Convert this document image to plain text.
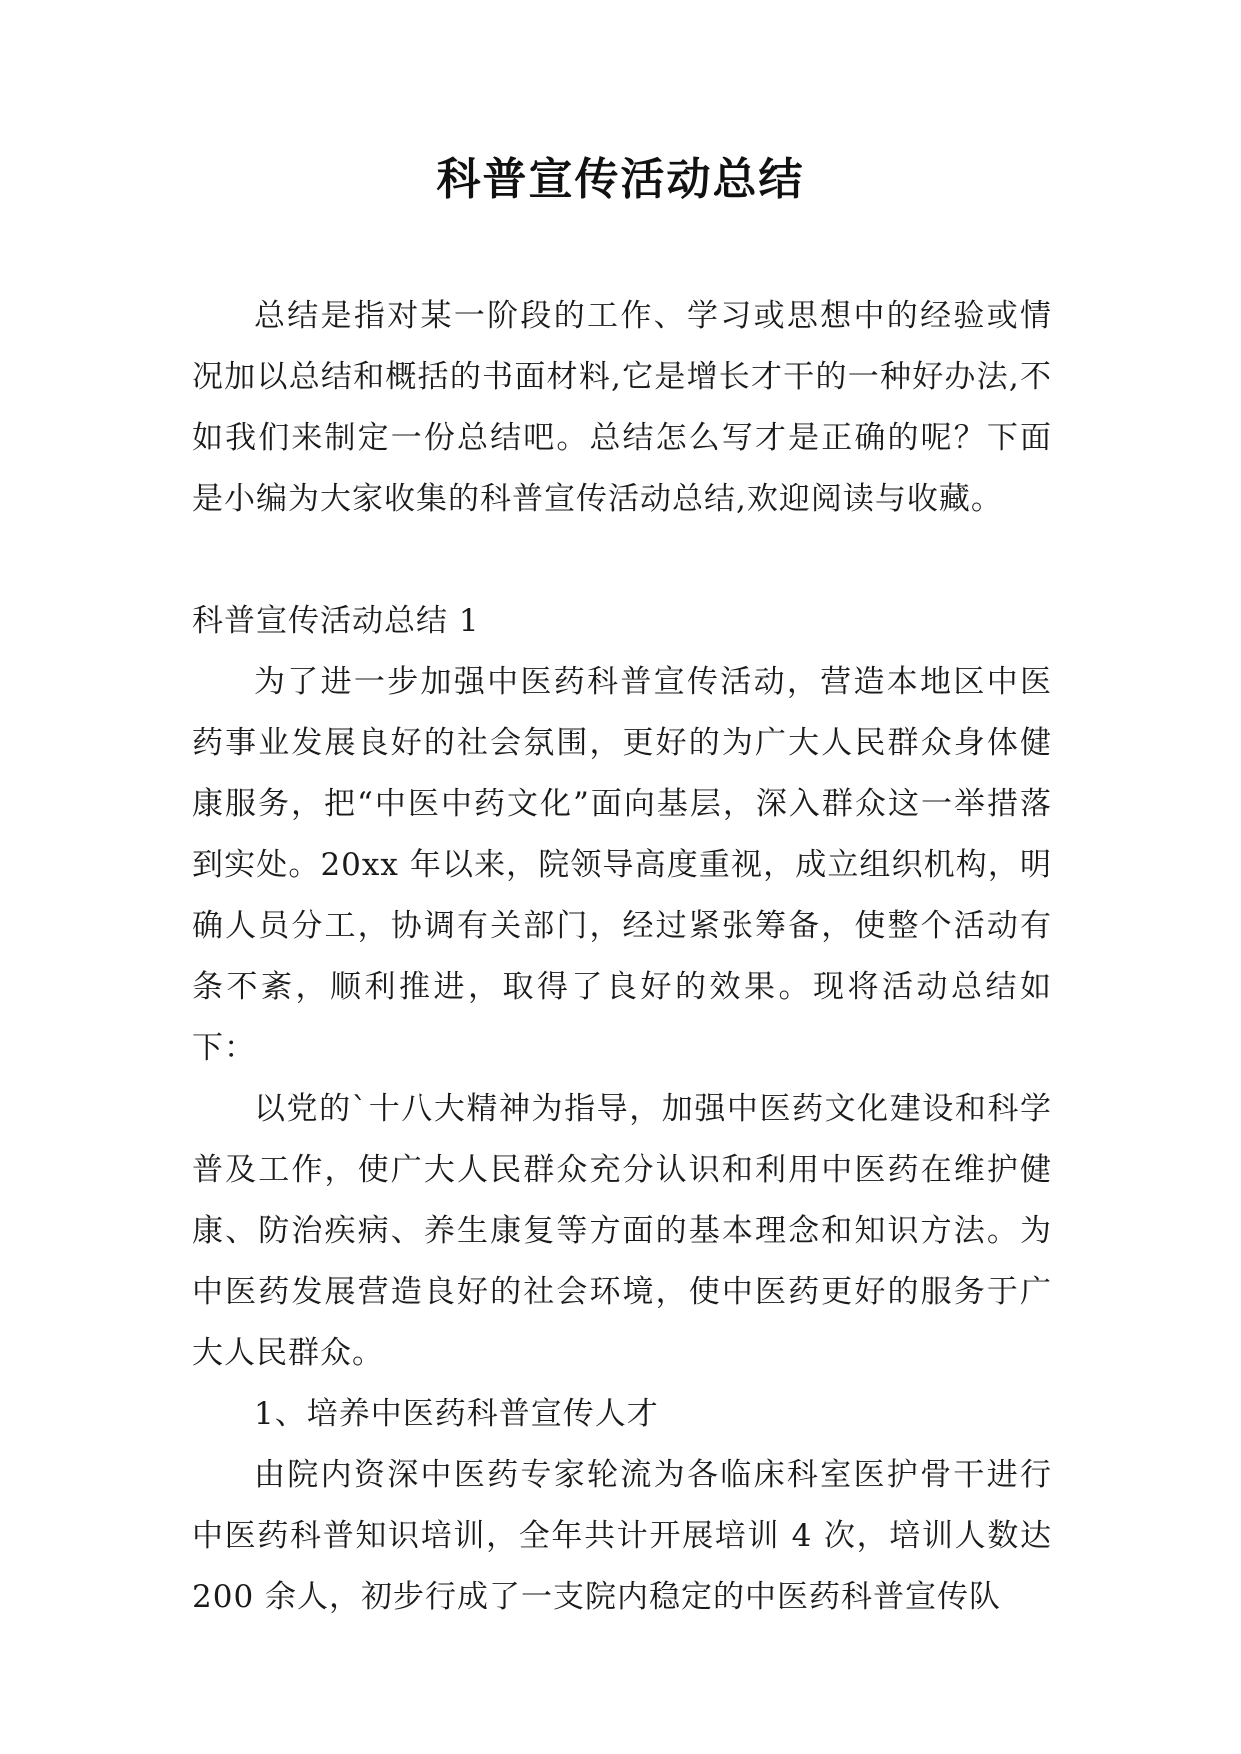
科普宣传活动总结

总结是指对某一阶段的工作、学习或思想中的经验或情况加以总结和概括的书面材料,它是增长才干的一种好办法,不如我们来制定一份总结吧。总结怎么写才是正确的呢？下面是小编为大家收集的科普宣传活动总结,欢迎阅读与收藏。

科普宣传活动总结 1

为了进一步加强中医药科普宣传活动，营造本地区中医药事业发展良好的社会氛围，更好的为广大人民群众身体健康服务，把“中医中药文化”面向基层，深入群众这一举措落到实处。20xx 年以来，院领导高度重视，成立组织机构，明确人员分工，协调有关部门，经过紧张筹备，使整个活动有条不紊，顺利推进，取得了良好的效果。现将活动总结如下：

以党的`十八大精神为指导，加强中医药文化建设和科学普及工作，使广大人民群众充分认识和利用中医药在维护健康、防治疾病、养生康复等方面的基本理念和知识方法。为中医药发展营造良好的社会环境，使中医药更好的服务于广大人民群众。

1、培养中医药科普宣传人才

由院内资深中医药专家轮流为各临床科室医护骨干进行中医药科普知识培训，全年共计开展培训 4 次，培训人数达 200 余人，初步行成了一支院内稳定的中医药科普宣传队
